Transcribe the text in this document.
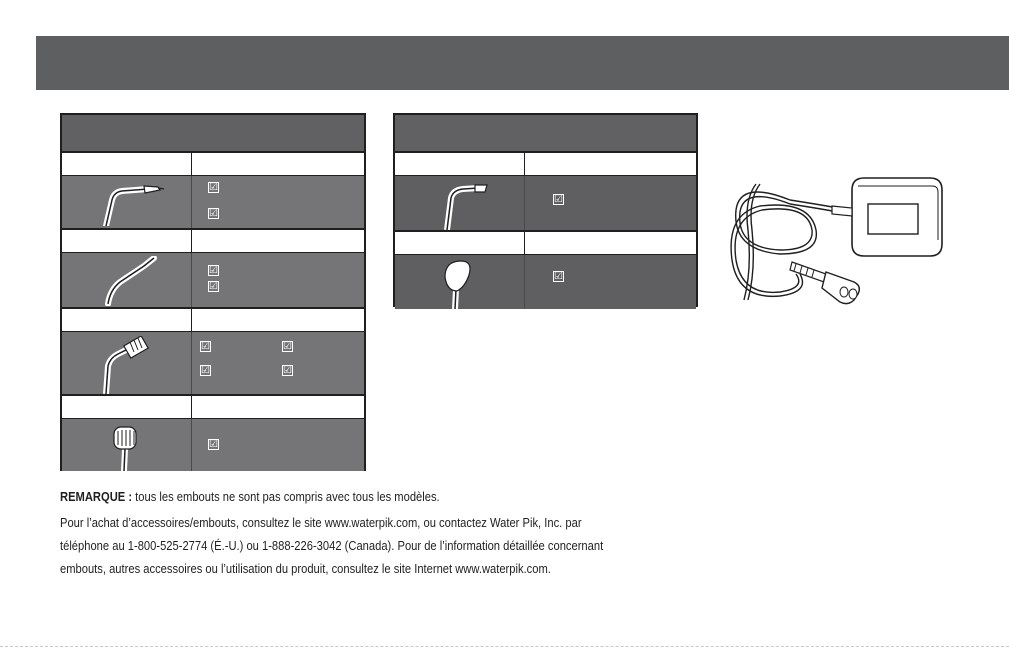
☑
☑
☑
☑
☑	☑
☑	☑
☑
☑
☑
REMARQUE : tous les embouts ne sont pas compris avec tous les modèles.
Pour l’achat d’accessoires/embouts, consultez le site www.waterpik.com, ou contactez Water Pik, Inc. par
téléphone au 1-800-525-2774 (É.-U.) ou 1-888-226-3042 (Canada). Pour de l’information détaillée concernant
embouts, autres accessoires ou l’utilisation du produit, consultez le site Internet www.waterpik.com.
